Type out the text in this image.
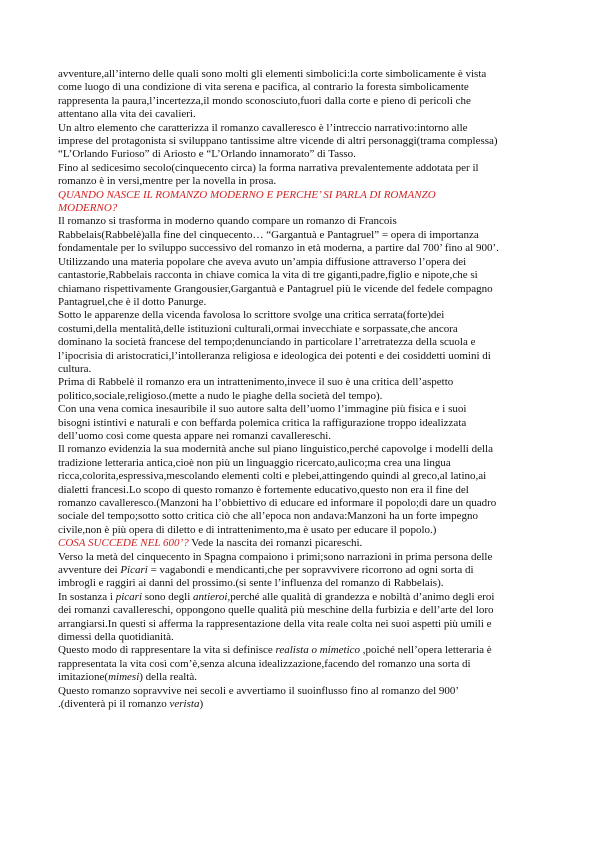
avventure,all’interno delle quali sono molti gli elementi simbolici:la corte simbolicamente è vista
come luogo di una condizione di vita serena e pacifica, al contrario la foresta simbolicamente
rappresenta la paura,l’incertezza,il mondo sconosciuto,fuori dalla corte e pieno di pericoli che
attentano alla vita dei cavalieri.
Un altro elemento che caratterizza il romanzo cavalleresco è l’intreccio narrativo:intorno alle
imprese del protagonista si sviluppano tantissime altre vicende di altri personaggi(trama complessa)
“L’Orlando Furioso” di Ariosto e “L’Orlando innamorato” di Tasso.
Fino al sedicesimo secolo(cinquecento circa) la forma narrativa prevalentemente addotata per il
romanzo è in versi,mentre per la novella in prosa.
QUANDO NASCE IL ROMANZO MODERNO E PERCHE’ SI PARLA DI ROMANZO
MODERNO?
Il romanzo si trasforma in moderno quando compare un romanzo di Francois
Rabbelais(Rabbelè)alla fine del cinquecento… “Gargantuà e Pantagruel” = opera di importanza
fondamentale per lo sviluppo successivo del romanzo in età moderna, a partire dal 700’ fino al 900’.
Utilizzando una materia popolare che aveva avuto un’ampia diffusione attraverso l’opera dei
cantastorie,Rabbelais racconta in chiave comica la vita di tre giganti,padre,figlio e nipote,che si
chiamano rispettivamente Grangousier,Gargantuà e Pantagruel più le vicende del fedele compagno
Pantagruel,che è il dotto Panurge.
Sotto le apparenze della vicenda favolosa lo scrittore svolge una critica serrata(forte)dei
costumi,della mentalità,delle istituzioni culturali,ormai invecchiate e sorpassate,che ancora
dominano la società francese del tempo;denunciando in particolare l’arretratezza della scuola e
l’ipocrisia di aristocratici,l’intolleranza religiosa e ideologica dei potenti e dei cosiddetti uomini di
cultura.
Prima di Rabbelè il romanzo era un intrattenimento,invece il suo è una critica dell’aspetto
politico,sociale,religioso.(mette a nudo le piaghe della società del tempo).
Con una vena comica inesauribile il suo autore salta dell’uomo l’immagine più fisica e i suoi
bisogni istintivi e naturali e con beffarda polemica critica la raffigurazione troppo idealizzata
dell’uomo così come questa appare nei romanzi cavallereschi.
Il romanzo evidenzia la sua modernità anche sul piano linguistico,perché capovolge i modelli della
tradizione letteraria antica,cioè non più un linguaggio ricercato,aulico;ma crea una lingua
ricca,colorita,espressiva,mescolando elementi colti e plebei,attingendo quindi al greco,al latino,ai
dialetti francesi.Lo scopo di questo romanzo è fortemente educativo,questo non era il fine del
romanzo cavalleresco.(Manzoni ha l’obbiettivo di educare ed informare il popolo;di dare un quadro
sociale del tempo;sotto sotto critica ciò che all’epoca non andava:Manzoni ha un forte impegno
civile,non è più opera di diletto e di intrattenimento,ma è usato per educare il popolo.)
COSA SUCCEDE NEL 600’? Vede la nascita dei romanzi picareschi.
Verso la metà del cinquecento in Spagna compaiono i primi;sono narrazioni in prima persona delle
avventure dei Picari = vagabondi e mendicanti,che per sopravvivere ricorrono ad ogni sorta di
imbrogli e raggiri ai danni del prossimo.(si sente l’influenza del romanzo di Rabbelais).
In sostanza i picari sono degli antieroi,perché alle qualità di grandezza e nobiltà d’animo degli eroi
dei romanzi cavallereschi, oppongono quelle qualità più meschine della furbizia e dell’arte del loro
arrangiarsi.In questi si afferma la rappresentazione della vita reale colta nei suoi aspetti più umili e
dimessi della quotidianità.
Questo modo di rappresentare la vita si definisce realista o mimetico ,poiché nell’opera letteraria è
rappresentata la vita così com’è,senza alcuna idealizzazione,facendo del romanzo una sorta di
imitazione(mimesi) della realtà.
Questo romanzo sopravvive nei secoli e avvertiamo il suoinflusso fino al romanzo del 900’
.(diventerà pi il romanzo verista)
